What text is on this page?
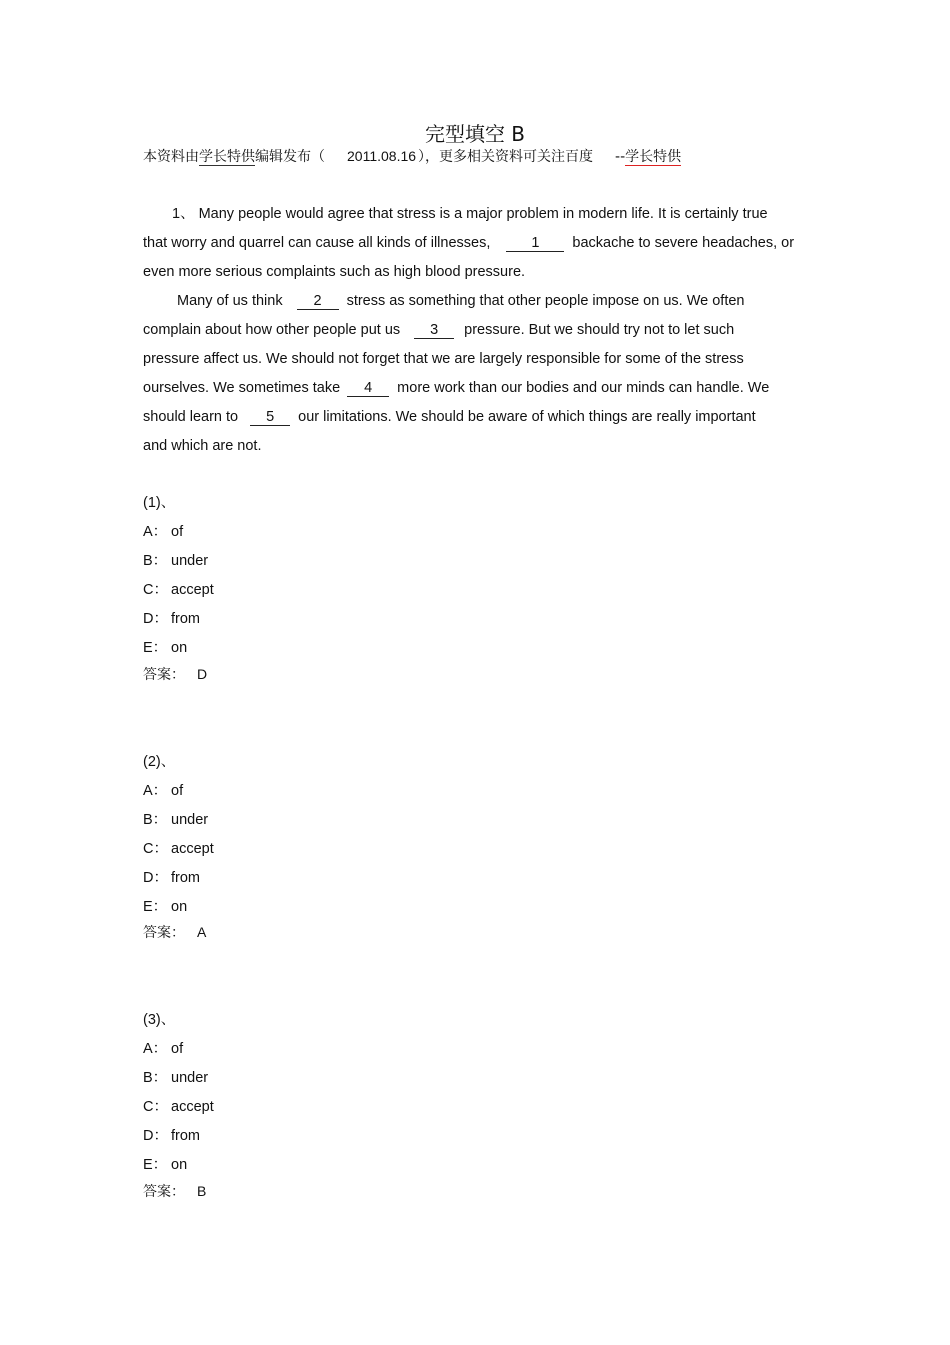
完型填空 B
本资料由学长特供编辑发布（ 2011.08.16 ），更多相关资料可关注百度 --学长特供
1、 Many people would agree that stress is a major problem in modern life. It is certainly true
that worry and quarrel can cause all kinds of illnesses,	1 backache to severe headaches, or
even more serious complaints such as high blood pressure.
Many of us think 2 stress as something that other people impose on us. We often
complain about how other people put us 3 pressure. But we should try not to let such
pressure affect us. We should not forget that we are largely responsible for some of the stress
ourselves. We sometimes take 4 more work than our bodies and our minds can handle. We
should learn to 5 our limitations. We should be aware of which things are really important
and which are not.
(1)、
A： of
B： under
C： accept
D： from
E： on
答案： D
(2)、
A： of
B： under
C： accept
D： from
E： on
答案： A
(3)、
A： of
B： under
C： accept
D： from
E： on
答案： B
